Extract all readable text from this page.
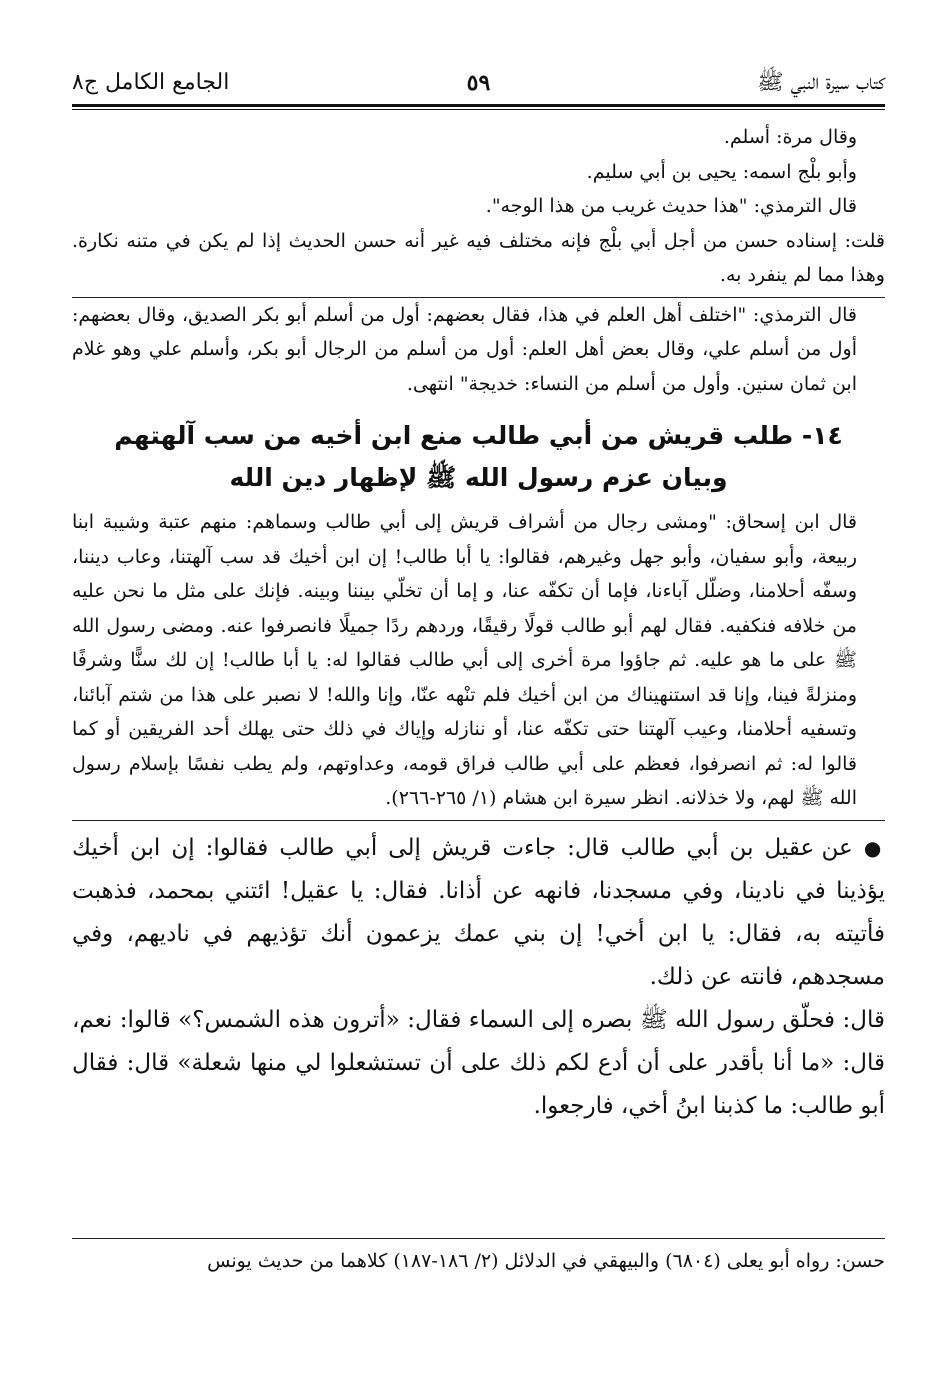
كتاب سيرة النبي ﷺ
٥٩
الجامع الكامل ج٨

وقال مرة: أسلم.

وأبو بلْج اسمه: يحيى بن أبي سليم.

قال الترمذي: "هذا حديث غريب من هذا الوجه".

قلت: إسناده حسن من أجل أبي بلْج فإنه مختلف فيه غير أنه حسن الحديث إذا لم يكن في متنه نكارة. وهذا مما لم ينفرد به.

قال الترمذي: "اختلف أهل العلم في هذا، فقال بعضهم: أول من أسلم أبو بكر الصديق، وقال بعضهم: أول من أسلم علي، وقال بعض أهل العلم: أول من أسلم من الرجال أبو بكر، وأسلم علي وهو غلام ابن ثمان سنين. وأول من أسلم من النساء: خديجة" انتهى.

١٤- طلب قريش من أبي طالب منع ابن أخيه من سب آلهتهم
وبيان عزم رسول الله ﷺ لإظهار دين الله

قال ابن إسحاق: "ومشى رجال من أشراف قريش إلى أبي طالب وسماهم: منهم عتبة وشيبة ابنا ربيعة، وأبو سفيان، وأبو جهل وغيرهم، فقالوا: يا أبا طالب! إن ابن أخيك قد سب آلهتنا، وعاب ديننا، وسفّه أحلامنا، وضلّل آباءنا، فإما أن تكفّه عنا، و إما أن تخلّي بيننا وبينه. فإنك على مثل ما نحن عليه من خلافه فنكفيه. فقال لهم أبو طالب قولًا رقيقًا، وردهم ردًا جميلًا فانصرفوا عنه. ومضى رسول الله ﷺ على ما هو عليه. ثم جاؤوا مرة أخرى إلى أبي طالب فقالوا له: يا أبا طالب! إن لك سنًّا وشرفًا ومنزلةً فينا، وإنا قد استنهيناك من ابن أخيك فلم تنْهه عنّا، وإنا والله! لا نصبر على هذا من شتم آبائنا، وتسفيه أحلامنا، وعيب آلهتنا حتى تكفّه عنا، أو ننازله وإياك في ذلك حتى يهلك أحد الفريقين أو كما قالوا له: ثم انصرفوا، فعظم على أبي طالب فراق قومه، وعداوتهم، ولم يطب نفسًا بإسلام رسول الله ﷺ لهم، ولا خذلانه. انظر سيرة ابن هشام (١/ ٢٦٥-٢٦٦).

● عن عقيل بن أبي طالب قال: جاءت قريش إلى أبي طالب فقالوا: إن ابن أخيك يؤذينا في نادينا، وفي مسجدنا، فانهه عن أذانا. فقال: يا عقيل! ائتني بمحمد، فذهبت فأتيته به، فقال: يا ابن أخي! إن بني عمك يزعمون أنك تؤذيهم في ناديهم، وفي مسجدهم، فانته عن ذلك.

قال: فحلّق رسول الله ﷺ بصره إلى السماء فقال: «أترون هذه الشمس؟» قالوا: نعم، قال: «ما أنا بأقدر على أن أدع لكم ذلك على أن تستشعلوا لي منها شعلة» قال: فقال أبو طالب: ما كذبنا ابنُ أخي، فارجعوا.

حسن: رواه أبو يعلى (٦٨٠٤) والبيهقي في الدلائل (٢/ ١٨٦-١٨٧) كلاهما من حديث يونس
